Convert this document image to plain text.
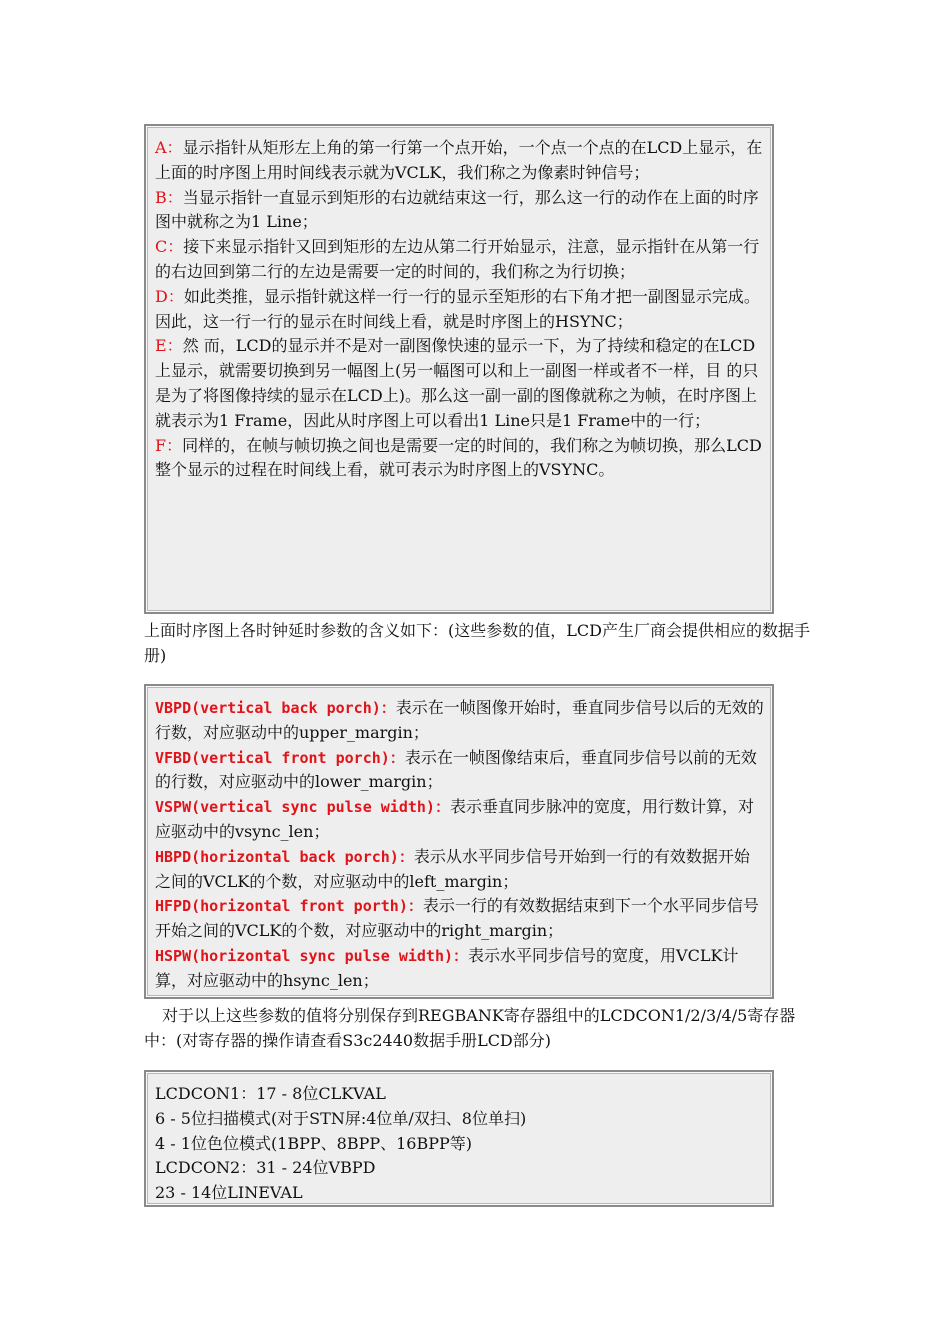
A：显示指针从矩形左上角的第一行第一个点开始，一个点一个点的在LCD上显示，在上面的时序图上用时间线表示就为VCLK，我们称之为像素时钟信号；

B：当显示指针一直显示到矩形的右边就结束这一行，那么这一行的动作在上面的时序图中就称之为1 Line；

C：接下来显示指针又回到矩形的左边从第二行开始显示，注意，显示指针在从第一行的右边回到第二行的左边是需要一定的时间的，我们称之为行切换；

D：如此类推，显示指针就这样一行一行的显示至矩形的右下角才把一副图显示完成。因此，这一行一行的显示在时间线上看，就是时序图上的HSYNC；

E：然 而，LCD的显示并不是对一副图像快速的显示一下，为了持续和稳定的在LCD上显示，就需要切换到另一幅图上(另一幅图可以和上一副图一样或者不一样，目 的只是为了将图像持续的显示在LCD上)。那么这一副一副的图像就称之为帧，在时序图上就表示为1 Frame，因此从时序图上可以看出1 Line只是1 Frame中的一行；

F：同样的，在帧与帧切换之间也是需要一定的时间的，我们称之为帧切换，那么LCD整个显示的过程在时间线上看，就可表示为时序图上的VSYNC。

上面时序图上各时钟延时参数的含义如下：(这些参数的值，LCD产生厂商会提供相应的数据手册)

VBPD(vertical back porch)：表示在一帧图像开始时，垂直同步信号以后的无效的行数，对应驱动中的upper_margin；

VFBD(vertical front porch)：表示在一帧图像结束后，垂直同步信号以前的无效的行数，对应驱动中的lower_margin；

VSPW(vertical sync pulse width)：表示垂直同步脉冲的宽度，用行数计算，对应驱动中的vsync_len；

HBPD(horizontal back porch)：表示从水平同步信号开始到一行的有效数据开始之间的VCLK的个数，对应驱动中的left_margin；

HFPD(horizontal front porth)：表示一行的有效数据结束到下一个水平同步信号开始之间的VCLK的个数，对应驱动中的right_margin；

HSPW(horizontal sync pulse width)：表示水平同步信号的宽度，用VCLK计算，对应驱动中的hsync_len；

对于以上这些参数的值将分别保存到REGBANK寄存器组中的LCDCON1/2/3/4/5寄存器中：(对寄存器的操作请查看S3c2440数据手册LCD部分)

LCDCON1：17 - 8位CLKVAL

6 - 5位扫描模式(对于STN屏:4位单/双扫、8位单扫)

4 - 1位色位模式(1BPP、8BPP、16BPP等)

LCDCON2：31 - 24位VBPD

23 - 14位LINEVAL
